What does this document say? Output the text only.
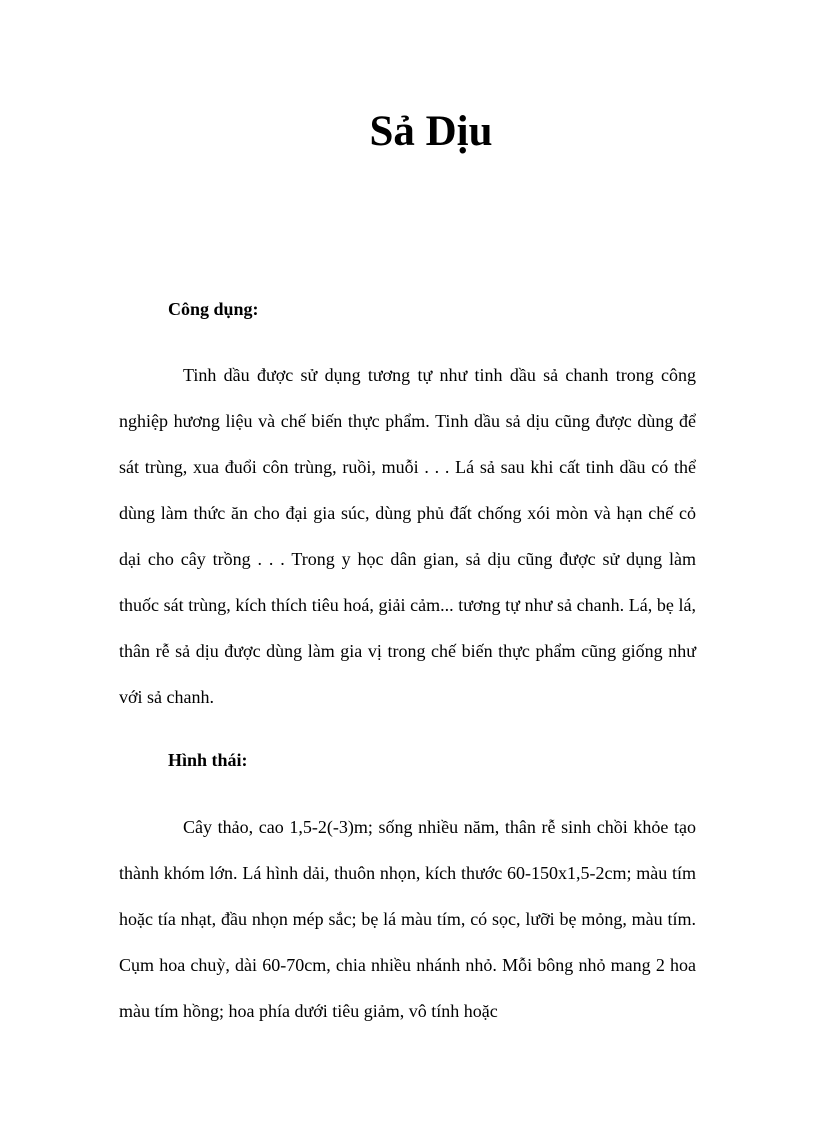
Sả Dịu
Công dụng:

Tinh dầu được sử dụng tương tự như tinh dầu sả chanh trong công nghiệp hương liệu và chế biến thực phẩm. Tinh dầu sả dịu cũng được dùng để sát trùng, xua đuổi côn trùng, ruồi, muỗi . . . Lá sả sau khi cất tinh dầu có thể dùng làm thức ăn cho đại gia súc, dùng phủ đất chống xói mòn và hạn chế cỏ dại cho cây trồng . . . Trong y học dân gian, sả dịu cũng được sử dụng làm thuốc sát trùng, kích thích tiêu hoá, giải cảm... tương tự như sả chanh. Lá, bẹ lá, thân rễ sả dịu được dùng làm gia vị trong chế biến thực phẩm cũng giống như với sả chanh.

Hình thái:

Cây thảo, cao 1,5-2(-3)m; sống nhiều năm, thân rễ sinh chồi khỏe tạo thành khóm lớn. Lá hình dải, thuôn nhọn, kích thước 60-150x1,5-2cm; màu tím hoặc tía nhạt, đầu nhọn mép sắc; bẹ lá màu tím, có sọc, lưỡi bẹ mỏng, màu tím. Cụm hoa chuỳ, dài 60-70cm, chia nhiều nhánh nhỏ. Mỗi bông nhỏ mang 2 hoa màu tím hồng; hoa phía dưới tiêu giảm, vô tính hoặc
